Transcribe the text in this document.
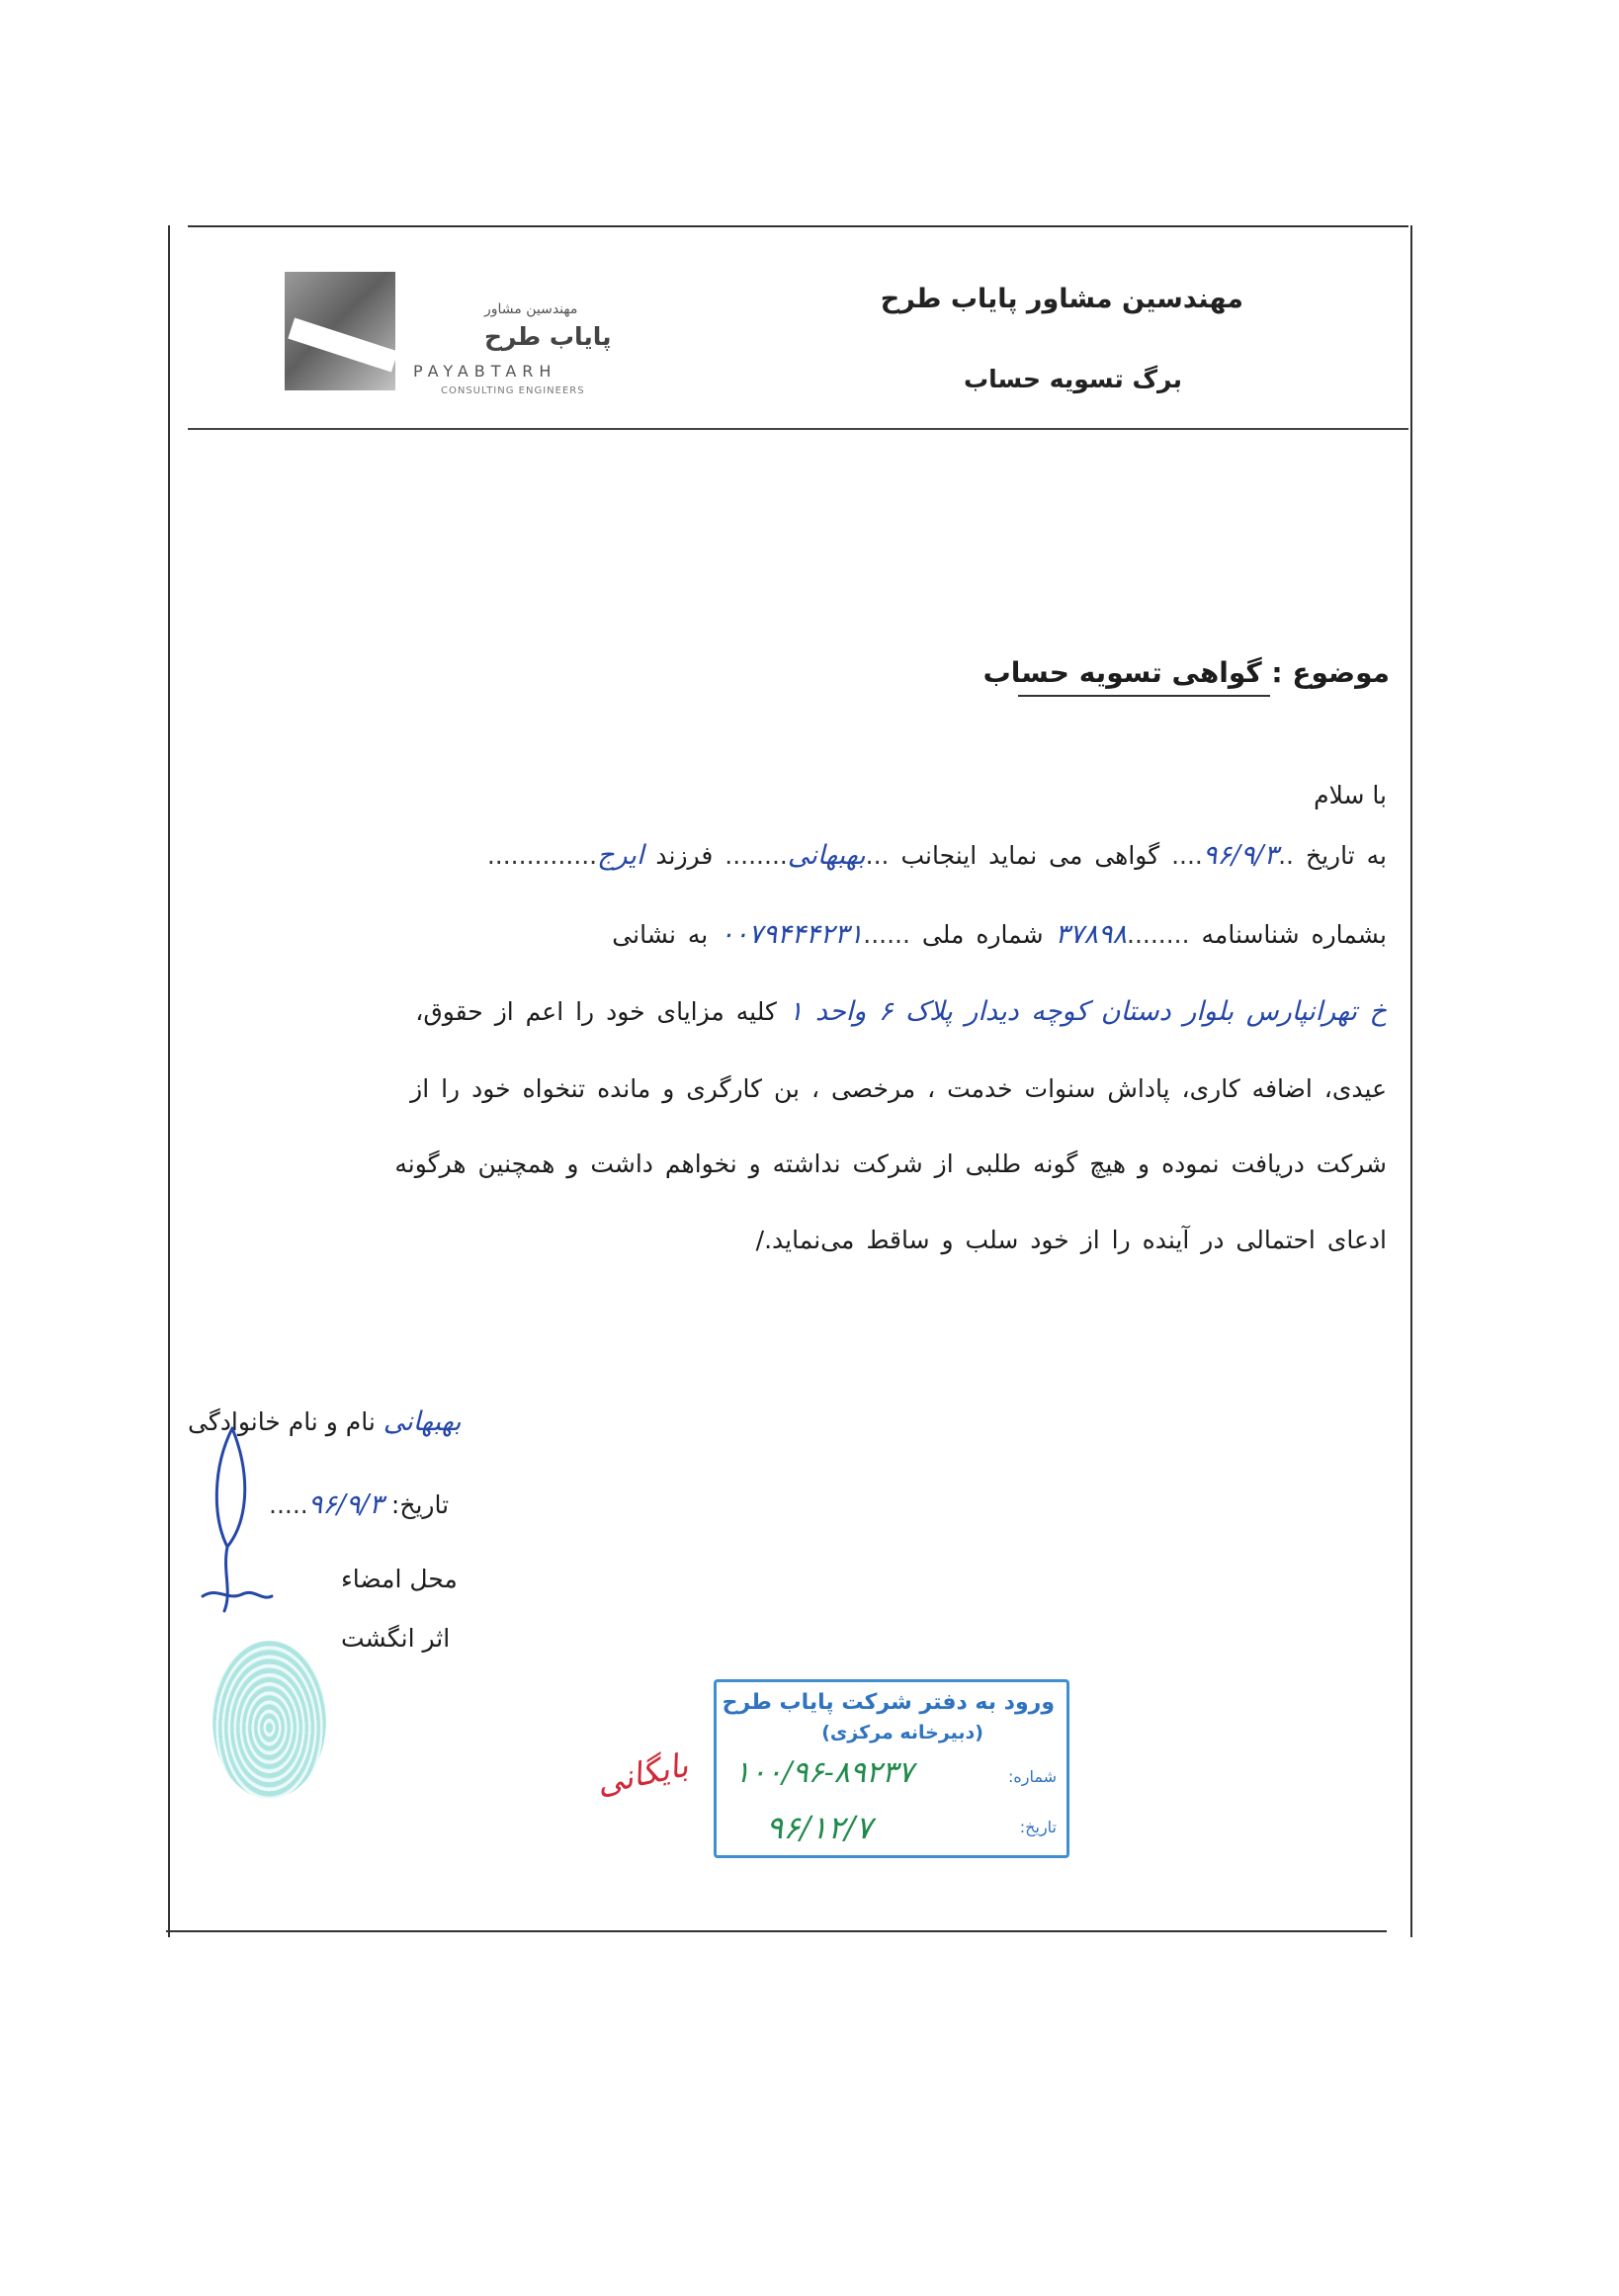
مهندسین مشاور
پایاب طرح
PAYABTARH
CONSULTING ENGINEERS
مهندسین مشاور پایاب طرح
برگ تسویه حساب
موضوع : گواهی تسویه حساب
با سلام
به تاریخ ..۹۶/۹/۳.... گواهی می نماید اینجانب ...بهبهانی........ فرزند ایرج..............
بشماره شناسنامه ........۳۷۸۹۸ شماره ملی ......۰۰۷۹۴۴۴۲۳۱ به نشانی
خ تهرانپارس بلوار دستان کوچه دیدار پلاک ۶ واحد ۱ کلیه مزایای خود را اعم از حقوق،
عیدی، اضافه کاری، پاداش سنوات خدمت ، مرخصی ، بن کارگری و مانده تنخواه خود را از
شرکت دریافت نموده و هیچ گونه طلبی از شرکت نداشته و نخواهم داشت و همچنین هرگونه
ادعای احتمالی در آینده را از خود سلب و ساقط می‌نماید./
بهبهانی نام و نام خانوادگی
تاریخ: ۹۶/۹/۳.....
محل امضاء
اثر انگشت
ورود به دفتر شرکت پایاب طرح
(دبیرخانه مرکزی)
شماره:
۱۰۰/۹۶-۸۹۲۳۷
تاریخ:
۹۶/۱۲/۷
بایگانی
